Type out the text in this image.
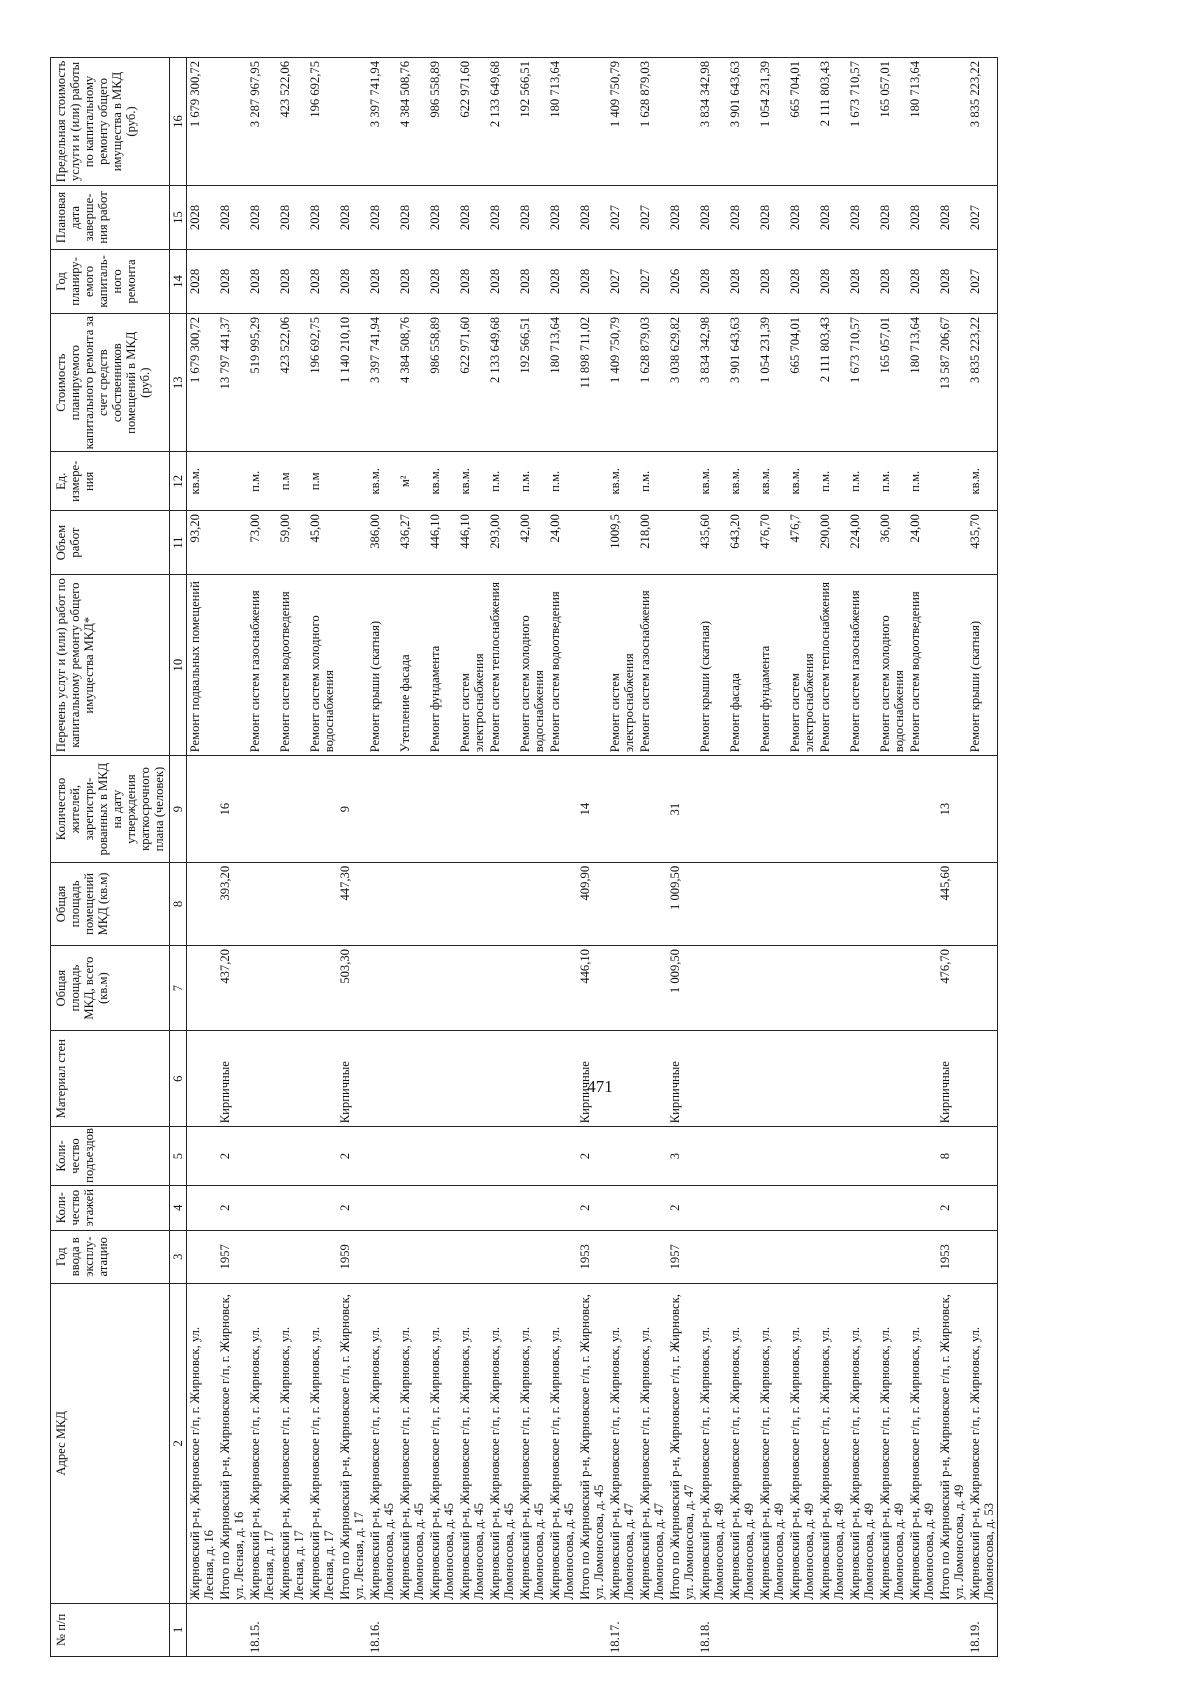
471
№ п/п	Адрес МКД	Год ввода в эксплу-атацию	Коли-чество этажей	Коли-чество подъездов	Материал стен	Общая площадь МКД, всего (кв.м)	Общая площадь помещений МКД (кв.м)	Количество жителей, зарегистри-рованных в МКД на дату утверждения краткосрочного плана (человек)	Перечень услуг и (или) работ по капитальному ремонту общего имущества МКД*	Объем работ	Ед. измере-ния	Стоимость планируемого капитального ремонта за счет средств собственников помещений в МКД (руб.)	Год планиру-емого капиталь-ного ремонта	Плановая дата заверше-ния работ	Предельная стоимость услуги и (или) работы по капитальному ремонту общего имущества в МКД (руб.)
1	2	3	4	5	6	7	8	9	10	11	12	13	14	15	16
	Жирновский р-н, Жирновское г/п, г. Жирновск, ул. Лесная, д. 16								Ремонт подвальных помещений	93,20	кв.м.	1 679 300,72	2028	2028	1 679 300,72
	Итого по Жирновский р-н, Жирновское г/п, г. Жирновск, ул. Лесная, д. 16	1957	2	2	Кирпичные	437,20	393,20	16				13 797 441,37	2028	2028	
18.15.	Жирновский р-н, Жирновское г/п, г. Жирновск, ул. Лесная, д. 17								Ремонт систем газоснабжения	73,00	п.м.	519 995,29	2028	2028	3 287 967,95
	Жирновский р-н, Жирновское г/п, г. Жирновск, ул. Лесная, д. 17								Ремонт систем водоотведения	59,00	п.м	423 522,06	2028	2028	423 522,06
	Жирновский р-н, Жирновское г/п, г. Жирновск, ул. Лесная, д. 17								Ремонт систем холодного водоснабжения	45,00	п.м	196 692,75	2028	2028	196 692,75
	Итого по Жирновский р-н, Жирновское г/п, г. Жирновск, ул. Лесная, д. 17	1959	2	2	Кирпичные	503,30	447,30	9				1 140 210,10	2028	2028	
18.16.	Жирновский р-н, Жирновское г/п, г. Жирновск, ул. Ломоносова, д. 45								Ремонт крыши (скатная)	386,00	кв.м.	3 397 741,94	2028	2028	3 397 741,94
	Жирновский р-н, Жирновское г/п, г. Жирновск, ул. Ломоносова, д. 45								Утепление фасада	436,27	м²	4 384 508,76	2028	2028	4 384 508,76
	Жирновский р-н, Жирновское г/п, г. Жирновск, ул. Ломоносова, д. 45								Ремонт фундамента	446,10	кв.м.	986 558,89	2028	2028	986 558,89
	Жирновский р-н, Жирновское г/п, г. Жирновск, ул. Ломоносова, д. 45								Ремонт систем электроснабжения	446,10	кв.м.	622 971,60	2028	2028	622 971,60
	Жирновский р-н, Жирновское г/п, г. Жирновск, ул. Ломоносова, д. 45								Ремонт систем теплоснабжения	293,00	п.м.	2 133 649,68	2028	2028	2 133 649,68
	Жирновский р-н, Жирновское г/п, г. Жирновск, ул. Ломоносова, д. 45								Ремонт систем холодного водоснабжения	42,00	п.м.	192 566,51	2028	2028	192 566,51
	Жирновский р-н, Жирновское г/п, г. Жирновск, ул. Ломоносова, д. 45								Ремонт систем водоотведения	24,00	п.м.	180 713,64	2028	2028	180 713,64
	Итого по Жирновский р-н, Жирновское г/п, г. Жирновск, ул. Ломоносова, д. 45	1953	2	2	Кирпичные	446,10	409,90	14				11 898 711,02	2028	2028	
18.17.	Жирновский р-н, Жирновское г/п, г. Жирновск, ул. Ломоносова, д. 47								Ремонт систем электроснабжения	1009,5	кв.м.	1 409 750,79	2027	2027	1 409 750,79
	Жирновский р-н, Жирновское г/п, г. Жирновск, ул. Ломоносова, д. 47								Ремонт систем газоснабжения	218,00	п.м.	1 628 879,03	2027	2027	1 628 879,03
	Итого по Жирновский р-н, Жирновское г/п, г. Жирновск, ул. Ломоносова, д. 47	1957	2	3	Кирпичные	1 009,50	1 009,50	31				3 038 629,82	2026	2028	
18.18.	Жирновский р-н, Жирновское г/п, г. Жирновск, ул. Ломоносова, д. 49								Ремонт крыши (скатная)	435,60	кв.м.	3 834 342,98	2028	2028	3 834 342,98
	Жирновский р-н, Жирновское г/п, г. Жирновск, ул. Ломоносова, д. 49								Ремонт фасада	643,20	кв.м.	3 901 643,63	2028	2028	3 901 643,63
	Жирновский р-н, Жирновское г/п, г. Жирновск, ул. Ломоносова, д. 49								Ремонт фундамента	476,70	кв.м.	1 054 231,39	2028	2028	1 054 231,39
	Жирновский р-н, Жирновское г/п, г. Жирновск, ул. Ломоносова, д. 49								Ремонт систем электроснабжения	476,7	кв.м.	665 704,01	2028	2028	665 704,01
	Жирновский р-н, Жирновское г/п, г. Жирновск, ул. Ломоносова, д. 49								Ремонт систем теплоснабжения	290,00	п.м.	2 111 803,43	2028	2028	2 111 803,43
	Жирновский р-н, Жирновское г/п, г. Жирновск, ул. Ломоносова, д. 49								Ремонт систем газоснабжения	224,00	п.м.	1 673 710,57	2028	2028	1 673 710,57
	Жирновский р-н, Жирновское г/п, г. Жирновск, ул. Ломоносова, д. 49								Ремонт систем холодного водоснабжения	36,00	п.м.	165 057,01	2028	2028	165 057,01
	Жирновский р-н, Жирновское г/п, г. Жирновск, ул. Ломоносова, д. 49								Ремонт систем водоотведения	24,00	п.м.	180 713,64	2028	2028	180 713,64
	Итого по Жирновский р-н, Жирновское г/п, г. Жирновск, ул. Ломоносова, д. 49	1953	2	8	Кирпичные	476,70	445,60	13				13 587 206,67	2028	2028	
18.19.	Жирновский р-н, Жирновское г/п, г. Жирновск, ул. Ломоносова, д. 53								Ремонт крыши (скатная)	435,70	кв.м.	3 835 223,22	2027	2027	3 835 223,22
